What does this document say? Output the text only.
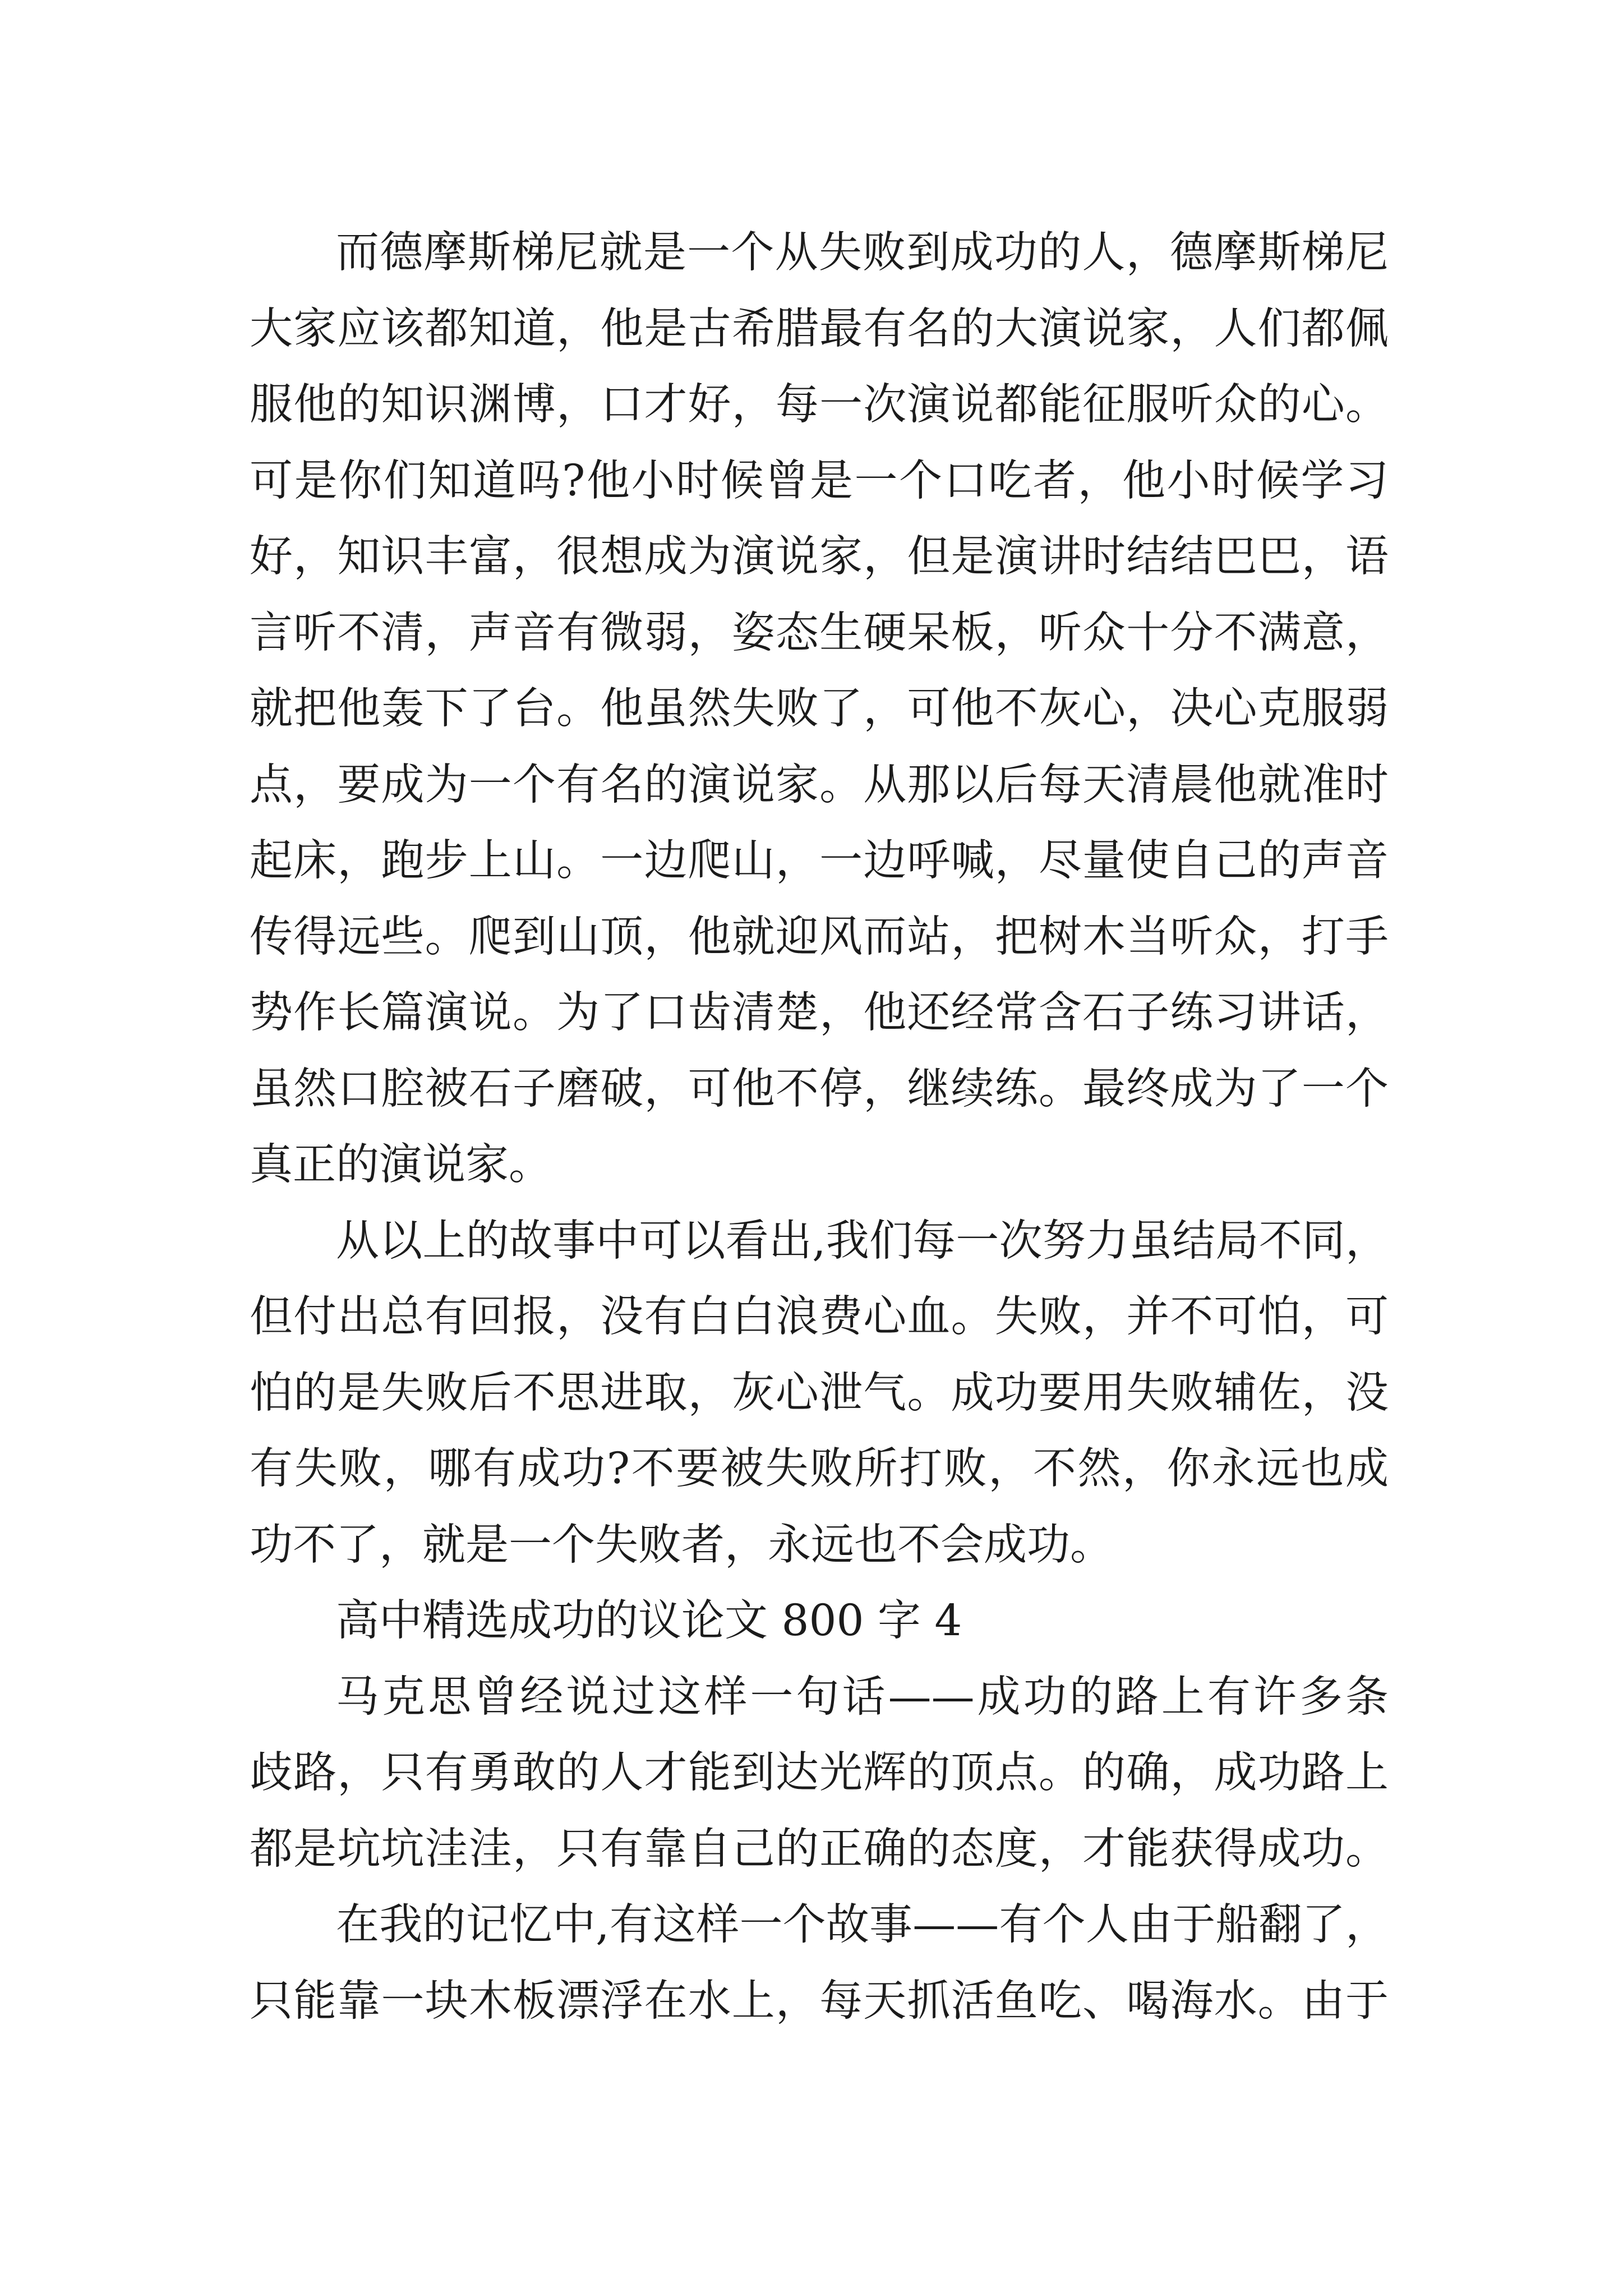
而德摩斯梯尼就是一个从失败到成功的人，德摩斯梯尼
大家应该都知道，他是古希腊最有名的大演说家，人们都佩
服他的知识渊博，口才好，每一次演说都能征服听众的心。
可是你们知道吗?他小时候曾是一个口吃者，他小时候学习
好，知识丰富，很想成为演说家，但是演讲时结结巴巴，语
言听不清，声音有微弱，姿态生硬呆板，听众十分不满意，
就把他轰下了台。他虽然失败了，可他不灰心，决心克服弱
点，要成为一个有名的演说家。从那以后每天清晨他就准时
起床，跑步上山。一边爬山，一边呼喊，尽量使自己的声音
传得远些。爬到山顶，他就迎风而站，把树木当听众，打手
势作长篇演说。为了口齿清楚，他还经常含石子练习讲话，
虽然口腔被石子磨破，可他不停，继续练。最终成为了一个
真正的演说家。
从以上的故事中可以看出,我们每一次努力虽结局不同，
但付出总有回报，没有白白浪费心血。失败，并不可怕，可
怕的是失败后不思进取，灰心泄气。成功要用失败辅佐，没
有失败，哪有成功?不要被失败所打败，不然，你永远也成
功不了，就是一个失败者，永远也不会成功。
高中精选成功的议论文 800 字 4
马克思曾经说过这样一句话——成功的路上有许多条
歧路，只有勇敢的人才能到达光辉的顶点。的确，成功路上
都是坑坑洼洼，只有靠自己的正确的态度，才能获得成功。
在我的记忆中,有这样一个故事——有个人由于船翻了，
只能靠一块木板漂浮在水上，每天抓活鱼吃、喝海水。由于
